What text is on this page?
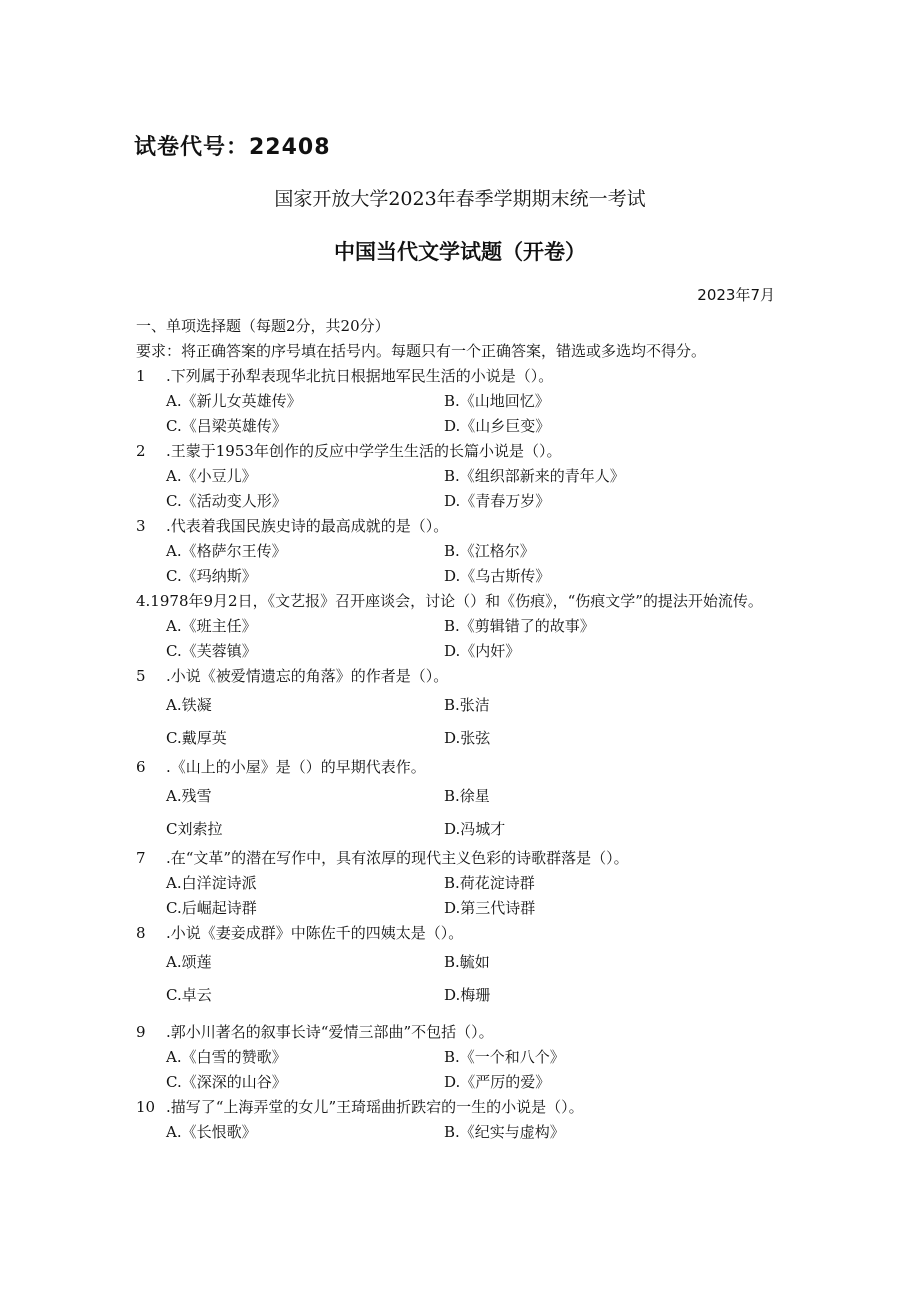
试卷代号：22408
国家开放大学2023年春季学期期末统一考试
中国当代文学试题（开卷）
2023年7月
一、单项选择题（每题2分，共20分）
要求：将正确答案的序号填在括号内。每题只有一个正确答案，错选或多选均不得分。
1 .下列属于孙犁表现华北抗日根据地军民生活的小说是（）。
A.《新儿女英雄传》	B.《山地回忆》
C.《吕梁英雄传》	D.《山乡巨变》
2 .王蒙于1953年创作的反应中学学生生活的长篇小说是（）。
A.《小豆儿》	B.《组织部新来的青年人》
C.《活动变人形》	D.《青春万岁》
3 .代表着我国民族史诗的最高成就的是（）。
A.《格萨尔王传》	B.《江格尔》
C.《玛纳斯》	D.《乌古斯传》
4.1978年9月2日，《文艺报》召开座谈会，讨论（）和《伤痕》，“伤痕文学”的提法开始流传。
A.《班主任》	B.《剪辑错了的故事》
C.《芙蓉镇》	D.《内奸》
5 .小说《被爱情遗忘的角落》的作者是（）。
A.铁凝	B.张洁
C.戴厚英	D.张弦
6 .《山上的小屋》是（）的早期代表作。
A.残雪	B.徐星
C刘索拉	D.冯城才
7 .在“文革”的潜在写作中，具有浓厚的现代主义色彩的诗歌群落是（）。
A.白洋淀诗派	B.荷花淀诗群
C.后崛起诗群	D.第三代诗群
8 .小说《妻妾成群》中陈佐千的四姨太是（）。
A.颂莲	B.毓如
C.卓云	D.梅珊
9 .郭小川著名的叙事长诗“爱情三部曲”不包括（）。
A.《白雪的赞歌》	B.《一个和八个》
C.《深深的山谷》	D.《严厉的爱》
10 .描写了“上海弄堂的女儿”王琦瑶曲折跌宕的一生的小说是（）。
A.《长恨歌》	B.《纪实与虚构》
